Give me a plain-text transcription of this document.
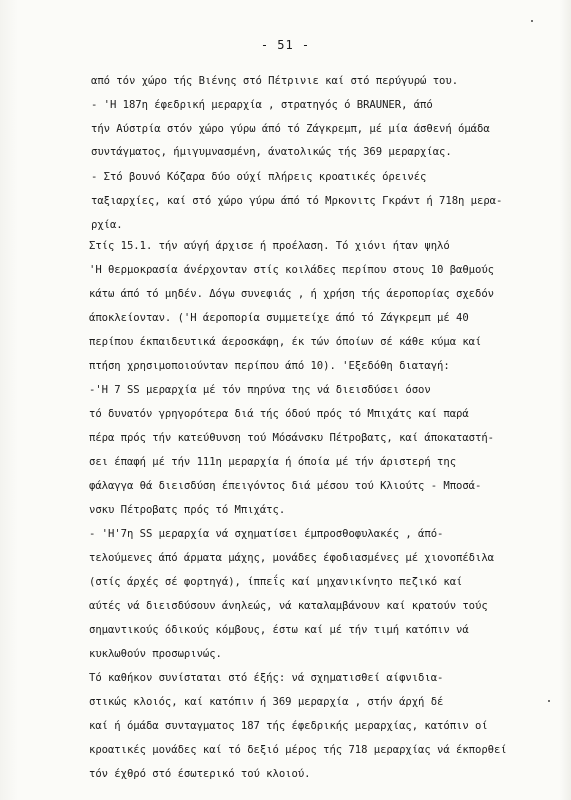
- 51 -
από τόν χώρο τής Βιένης στό Πέτρινιε καί στό περύγυρώ του.
- 'Η 187η έφεδρική μεραρχία , στρατηγός ό BRAUNER, άπό
τήν Αύστρία στόν χώρο γύρω άπό τό Ζάγκρεμπ, μέ μία άσθενή όμάδα
συντάγματος, ήμιγυμνασμένη, άνατολικώς τής 369 μεραρχίας.
- Στό βουνό Κόζαρα δύο ούχί πλήρεις κροατικές όρεινές
ταξιαρχίες, καί στό χώρο γύρω άπό τό Μρκονιτς Γκράντ ή 718η μερα-
ρχία.
Στίς 15.1. τήν αύγή άρχισε ή προέλαση. Τό χιόνι ήταν ψηλό
'Η θερμοκρασία άνέρχονταν στίς κοιλάδες περίπου στους 10 βαθμούς
κάτω άπό τό μηδέν. Δόγω συνεφιάς , ή χρήση τής άεροπορίας σχεδόν
άποκλείονταν. ('Η άεροπορία συμμετείχε άπό τό Ζάγκρεμπ μέ 40
περίπου έκπαιδευτικά άεροσκάφη, έκ τών όποίων σέ κάθε κύμα καί
πτήση χρησιμοποιούνταν περίπου άπό 10). 'Εξεδόθη διαταγή:
-'Η 7 SS μεραρχία μέ τόν πηρύνα της νά διεισδύσει όσον
τό δυνατόν γρηγορότερα διά τής όδού πρός τό Μπιχάτς καί παρά
πέρα πρός τήν κατεύθυνση τού Μόσάνσκυ Πέτροβατς, καί άποκαταστή-
σει έπαφή μέ τήν 111η μεραρχία ή όποία μέ τήν άριστερή της
φάλαγγα θά διεισδύση έπειγόντος διά μέσου τού Κλιούτς - Μποσά-
νσκυ Πέτροβατς πρός τό Μπιχάτς.
- 'Η'7η SS μεραρχία νά σχηματίσει έμπροσθοφυλακές , άπό-
τελούμενες άπό άρματα μάχης, μονάδες έφοδιασμένες μέ χιονοπέδιλα
(στίς άρχές σέ φορτηγά), ίππεΐς καί μηχανικίνητο πεζικό καί
αύτές νά διεισδύσουν άνηλεώς, νά καταλαμβάνουν καί κρατούν τούς
σημαντικούς όδικούς κόμβους, έστω καί μέ τήν τιμή κατόπιν νά
κυκλωθούν προσωρινώς.
Τό καθήκον συνίσταται στό έξής: νά σχηματισθεί αίφνιδια-
στικώς κλοιός, καί κατόπιν ή 369 μεραρχία , στήν άρχή δέ
καί ή όμάδα συνταγματος 187 τής έφεδρικής μεραρχίας, κατόπιν οί
κροατικές μονάδες καί τό δεξιό μέρος τής 718 μεραρχίας νά έκπορθεί
τόν έχθρό στό έσωτερικό τού κλοιού.
